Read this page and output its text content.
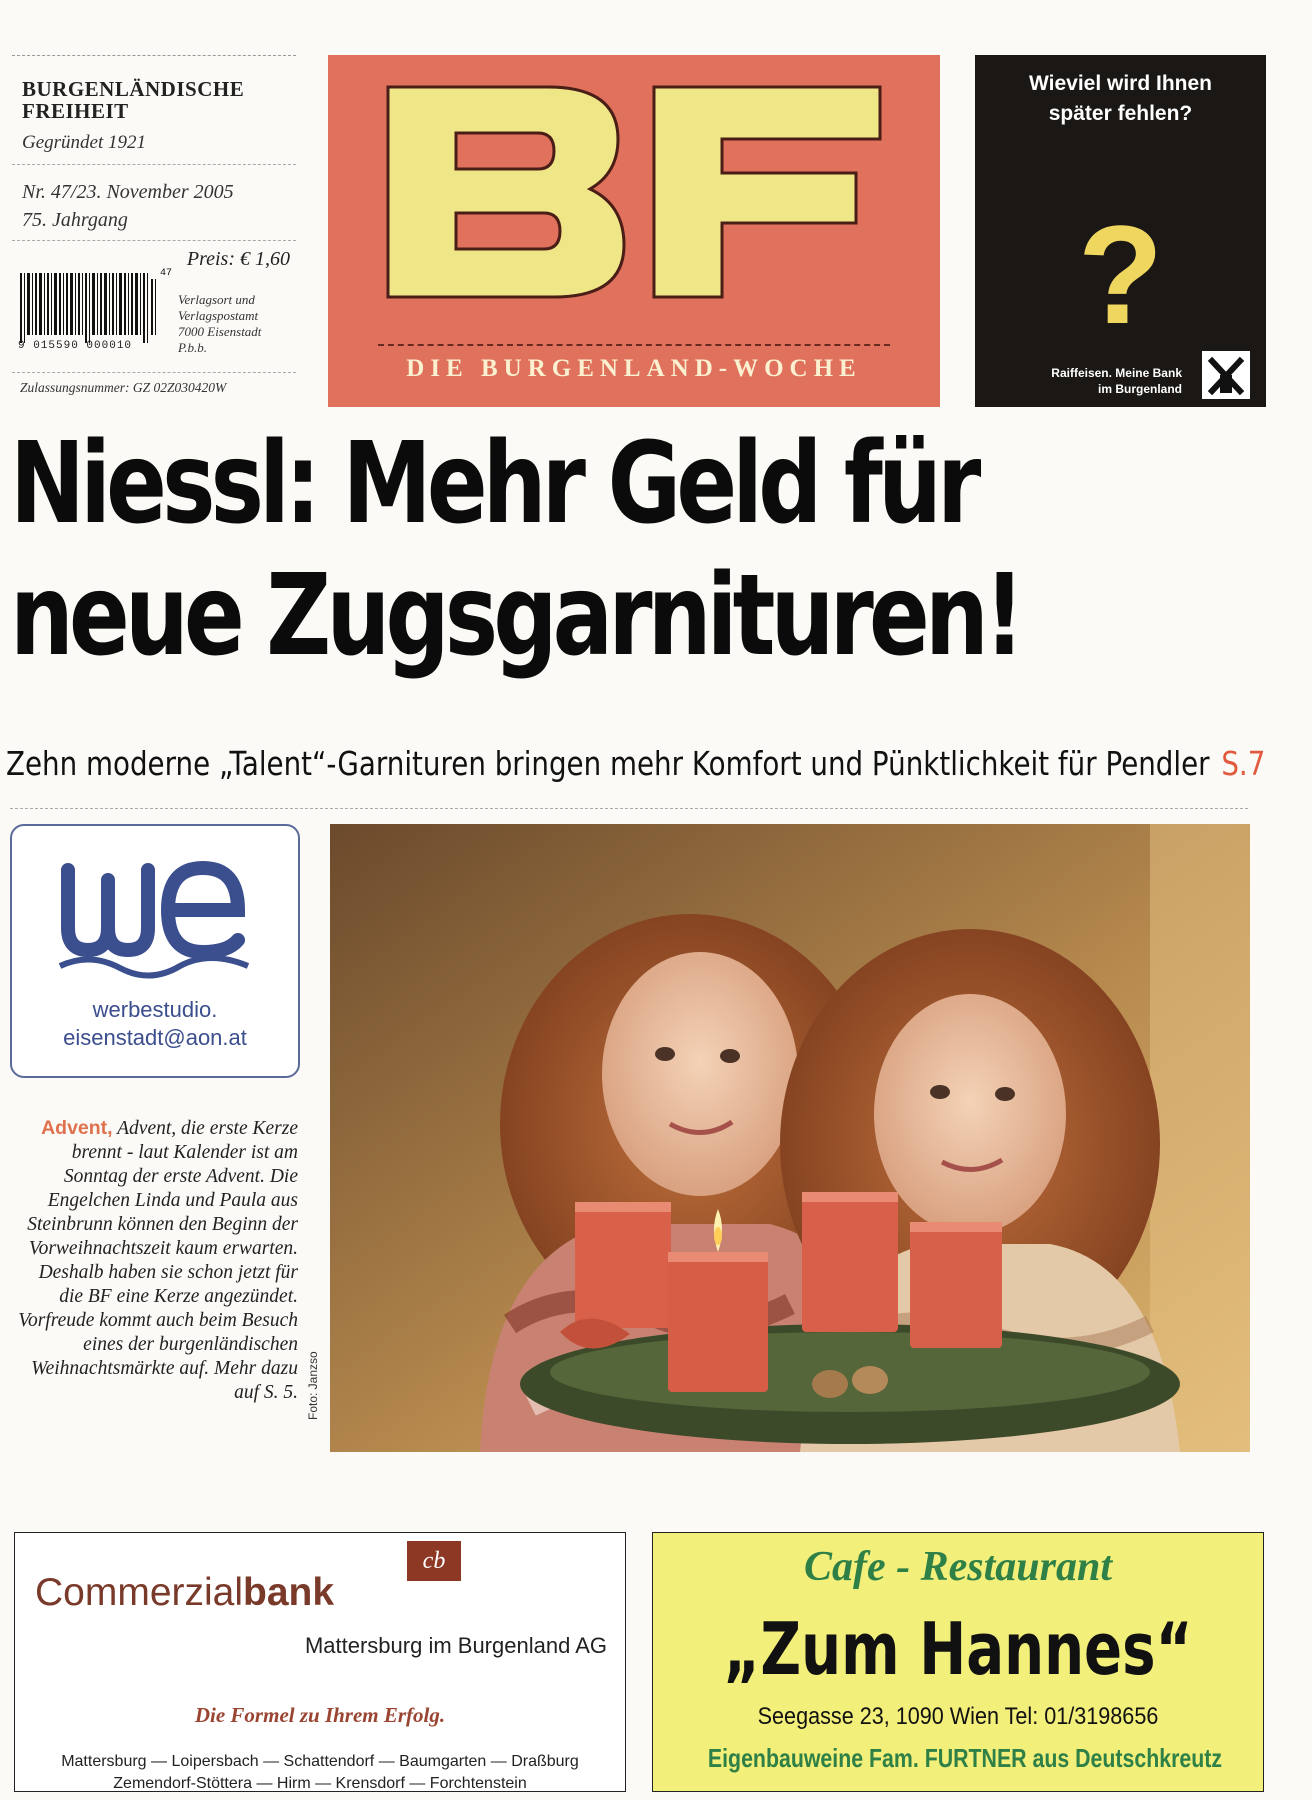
BURGENLÄNDISCHE
FREIHEIT
Gegründet 1921
Nr. 47/23. November 2005
75. Jahrgang
Preis: € 1,60
9 015590 000010
47
Verlagsort und
Verlagspostamt
7000 Eisenstadt
P.b.b.
Zulassungsnummer: GZ 02Z030420W
DIE BURGENLAND-WOCHE
Wieviel wird Ihnen
später fehlen?
?
Raiffeisen. Meine Bank
im Burgenland
Niessl: Mehr Geld für
neue Zugsgarnituren!
Zehn moderne „Talent“-Garnituren bringen mehr Komfort und Pünktlichkeit für Pendler S.7
werbestudio.
eisenstadt@aon.at
Advent, Advent, die erste Kerze brennt - laut Kalender ist am Sonntag der erste Advent. Die Engelchen Linda und Paula aus Steinbrunn können den Beginn der Vorweihnachtszeit kaum erwarten. Deshalb haben sie schon jetzt für die BF eine Kerze angezündet. Vorfreude kommt auch beim Besuch eines der burgenländischen Weihnachtsmärkte auf. Mehr dazu auf S. 5. Foto: Janzso
Commerzialbank
cb
Mattersburg im Burgenland AG
Die Formel zu Ihrem Erfolg.
Mattersburg — Loipersbach — Schattendorf — Baumgarten — Draßburg
Zemendorf-Stöttera — Hirm — Krensdorf — Forchtenstein
Cafe - Restaurant
„Zum Hannes“
Seegasse 23, 1090 Wien Tel: 01/3198656
Eigenbauweine Fam. FURTNER aus Deutschkreutz
